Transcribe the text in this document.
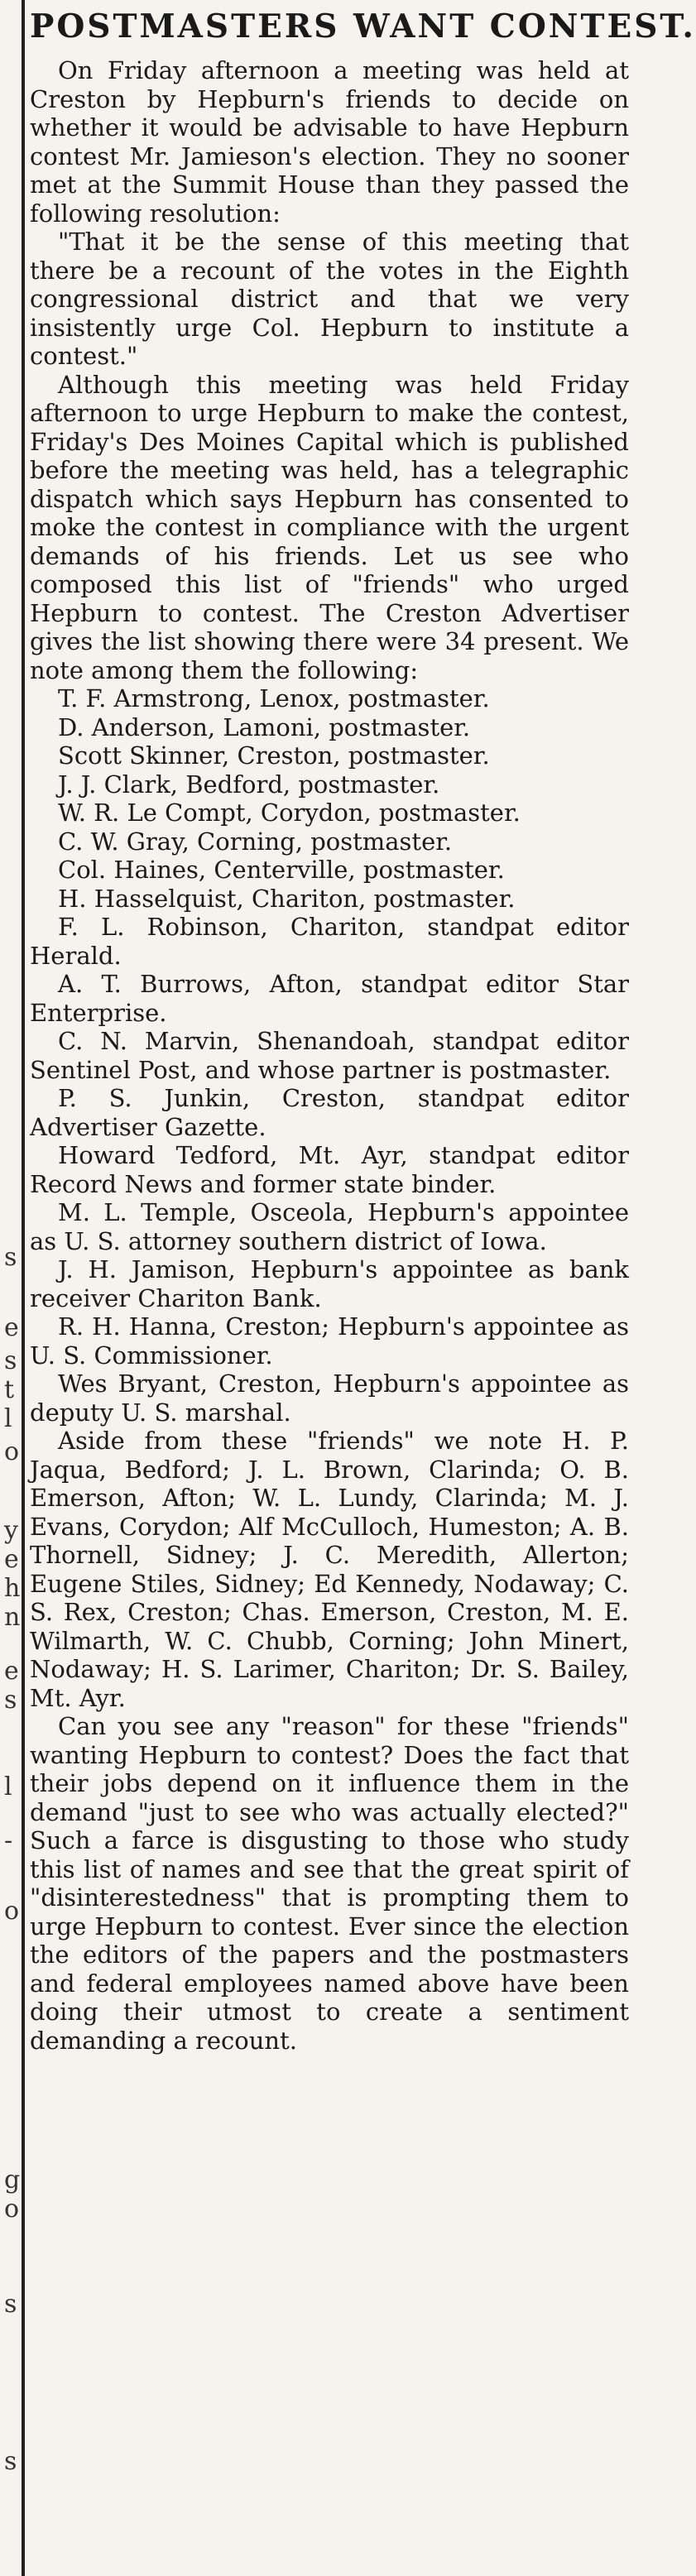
s
e
s
t
l
o
y
e
h
n
e
s
l
-
o
g
o
s
s
POSTMASTERS WANT CONTEST.

On Friday afternoon a meeting was held at Creston by Hepburn's friends to decide on whether it would be advisable to have Hepburn contest Mr. Jamieson's election. They no sooner met at the Summit House than they passed the following resolution:

"That it be the sense of this meeting that there be a recount of the votes in the Eighth congressional district and that we very insistently urge Col. Hepburn to institute a contest."

Although this meeting was held Friday afternoon to urge Hepburn to make the contest, Friday's Des Moines Capital which is published before the meeting was held, has a telegraphic dispatch which says Hepburn has consented to moke the contest in compliance with the urgent demands of his friends. Let us see who composed this list of "friends" who urged Hepburn to contest. The Creston Advertiser gives the list showing there were 34 present. We note among them the following:

T. F. Armstrong, Lenox, postmaster.
D. Anderson, Lamoni, postmaster.
Scott Skinner, Creston, postmaster.
J. J. Clark, Bedford, postmaster.
W. R. Le Compt, Corydon, postmaster.
C. W. Gray, Corning, postmaster.
Col. Haines, Centerville, postmaster.
H. Hasselquist, Chariton, postmaster.
F. L. Robinson, Chariton, standpat editor Herald.
A. T. Burrows, Afton, standpat editor Star Enterprise.
C. N. Marvin, Shenandoah, standpat editor Sentinel Post, and whose partner is postmaster.
P. S. Junkin, Creston, standpat editor Advertiser Gazette.
Howard Tedford, Mt. Ayr, standpat editor Record News and former state binder.
M. L. Temple, Osceola, Hepburn's appointee as U. S. attorney southern district of Iowa.
J. H. Jamison, Hepburn's appointee as bank receiver Chariton Bank.
R. H. Hanna, Creston; Hepburn's appointee as U. S. Commissioner.
Wes Bryant, Creston, Hepburn's appointee as deputy U. S. marshal.

Aside from these "friends" we note H. P. Jaqua, Bedford; J. L. Brown, Clarinda; O. B. Emerson, Afton; W. L. Lundy, Clarinda; M. J. Evans, Corydon; Alf McCulloch, Humeston; A. B. Thornell, Sidney; J. C. Meredith, Allerton; Eugene Stiles, Sidney; Ed Kennedy, Nodaway; C. S. Rex, Creston; Chas. Emerson, Creston, M. E. Wilmarth, W. C. Chubb, Corning; John Minert, Nodaway; H. S. Larimer, Chariton; Dr. S. Bailey, Mt. Ayr.

Can you see any "reason" for these "friends" wanting Hepburn to contest? Does the fact that their jobs depend on it influence them in the demand "just to see who was actually elected?" Such a farce is disgusting to those who study this list of names and see that the great spirit of "disinterestedness" that is prompting them to urge Hepburn to contest. Ever since the election the editors of the papers and the postmasters and federal employees named above have been doing their utmost to create a sentiment demanding a recount.
